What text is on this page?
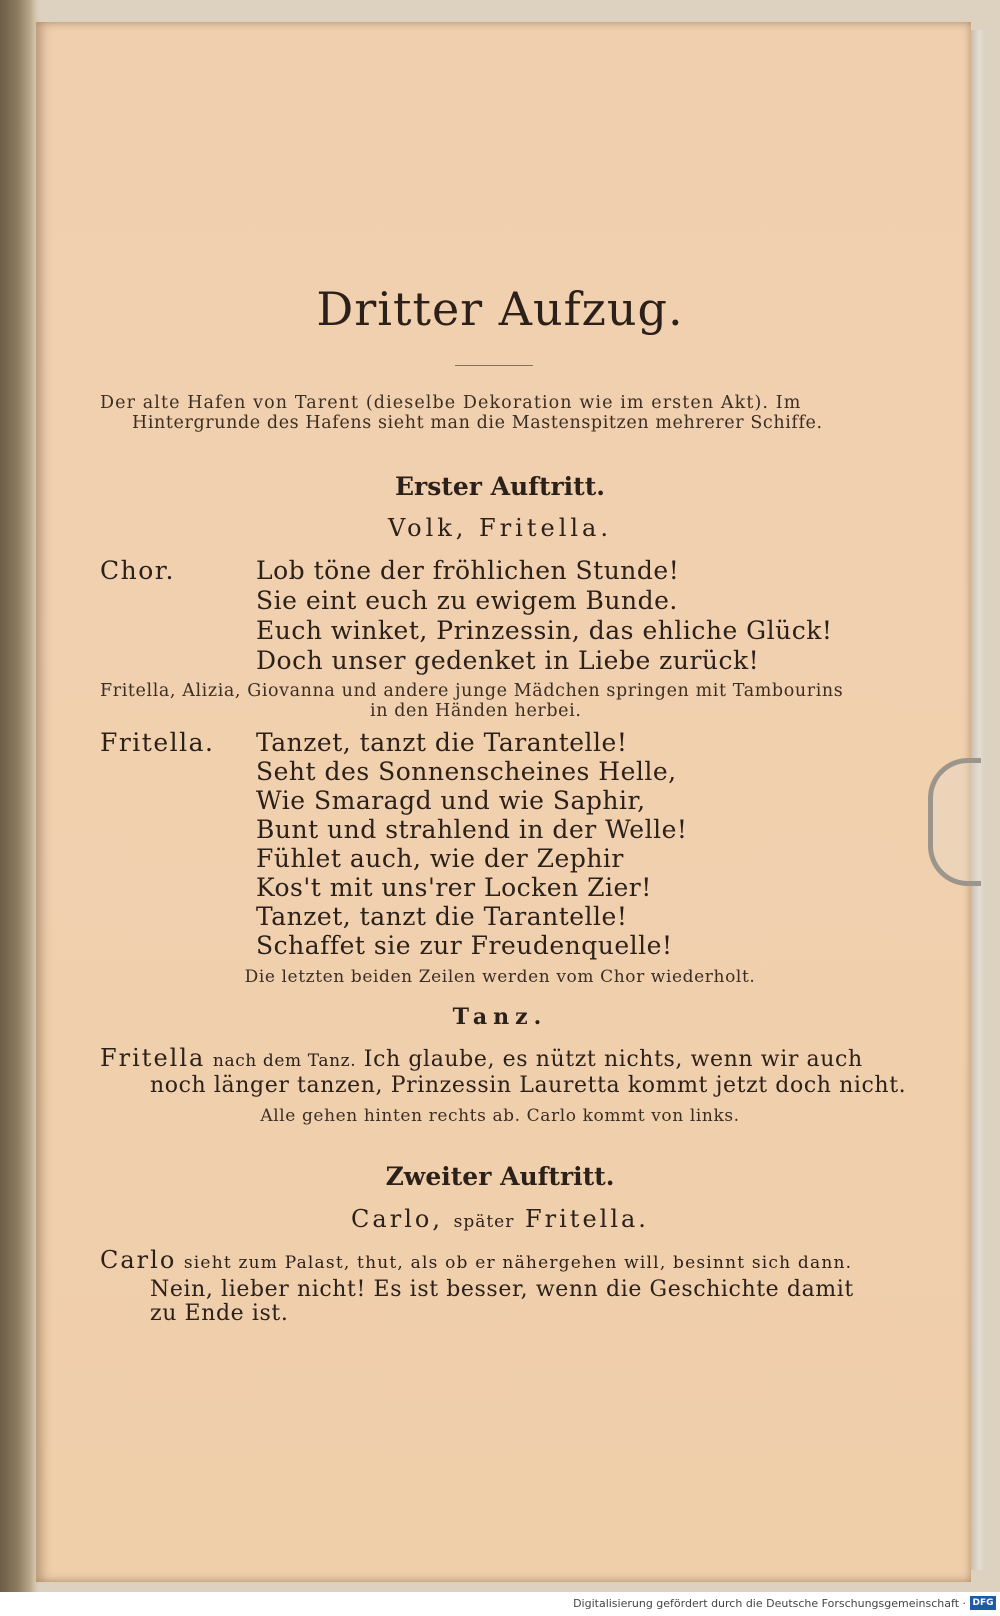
Dritter Aufzug.
Der alte Hafen von Tarent (dieselbe Dekoration wie im ersten Akt). Im
Hintergrunde des Hafens sieht man die Mastenspitzen mehrerer Schiffe.
Erster Auftritt.
Volk, Fritella.
Chor.	Lob töne der fröhlichen Stunde!
Sie eint euch zu ewigem Bunde.
Euch winket, Prinzessin, das ehliche Glück!
Doch unser gedenket in Liebe zurück!
Fritella, Alizia, Giovanna und andere junge Mädchen springen mit Tambourins
in den Händen herbei.
Fritella. Tanzet, tanzt die Tarantelle!
Seht des Sonnenscheines Helle,
Wie Smaragd und wie Saphir,
Bunt und strahlend in der Welle!
Fühlet auch, wie der Zephir
Kos't mit uns'rer Locken Zier!
Tanzet, tanzt die Tarantelle!
Schaffet sie zur Freudenquelle!
Die letzten beiden Zeilen werden vom Chor wiederholt.
Tanz.
Fritella nach dem Tanz. Ich glaube, es nützt nichts, wenn wir auch
noch länger tanzen, Prinzessin Lauretta kommt jetzt doch nicht.
Alle gehen hinten rechts ab. Carlo kommt von links.
Zweiter Auftritt.
Carlo, später Fritella.
Carlo sieht zum Palast, thut, als ob er nähergehen will, besinnt sich dann.
Nein, lieber nicht! Es ist besser, wenn die Geschichte damit
zu Ende ist.
Digitalisierung gefördert durch die Deutsche Forschungsgemeinschaft · DFG
